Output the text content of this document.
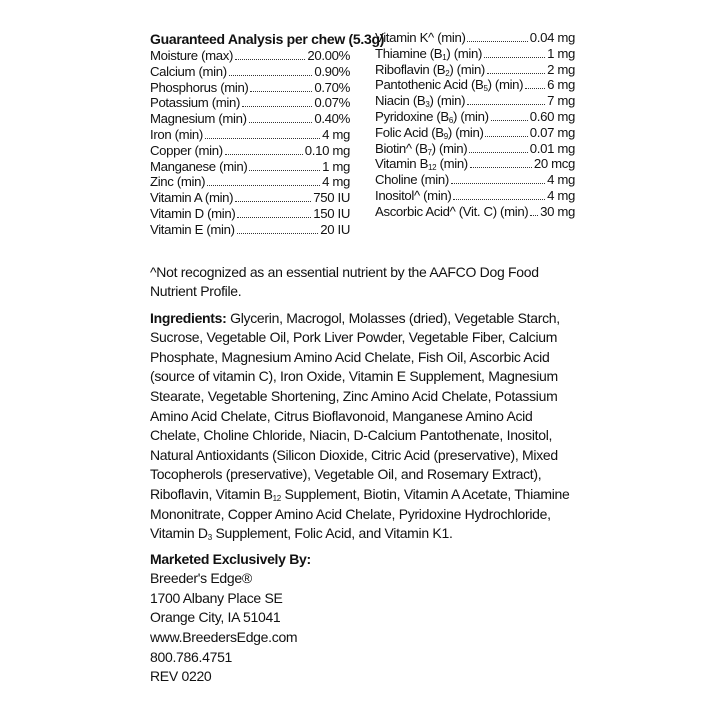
Guaranteed Analysis per chew (5.3g)
Moisture (max)	20.00%
Calcium (min)	0.90%
Phosphorus (min)	0.70%
Potassium (min)	0.07%
Magnesium (min)	0.40%
Iron (min)	4 mg
Copper (min)	0.10 mg
Manganese (min)	1 mg
Zinc (min)	4 mg
Vitamin A (min)	750 IU
Vitamin D (min)	150 IU
Vitamin E (min)	20 IU
Vitamin K^ (min)	0.04 mg
Thiamine $(B_1)$ (min)	1 mg
Riboflavin $(B_2)$ (min)	2 mg
Pantothenic Acid $(B_5)$ (min) 6 mg
Niacin $(B_3)$ (min)	7 mg
Pyridoxine $(B_6)$ (min)	0.60 mg
Folic Acid $(B_9)$ (min)	0.07 mg
Biotin^ $(B_7)$ (min)	0.01 mg
Vitamin $B_{12}$ (min)	20 mcg
Choline (min)	4 mg
Inositol^ (min)	4 mg
Ascorbic Acid^ (Vit. C) (min) 30 mg
^Not recognized as an essential nutrient by the AAFCO Dog Food Nutrient Profile.
Ingredients: Glycerin, Macrogol, Molasses (dried), Vegetable Starch, Sucrose, Vegetable Oil, Pork Liver Powder, Vegetable Fiber, Calcium Phosphate, Magnesium Amino Acid Chelate, Fish Oil, Ascorbic Acid (source of vitamin C), Iron Oxide, Vitamin E Supplement, Magnesium Stearate, Vegetable Shortening, Zinc Amino Acid Chelate, Potassium Amino Acid Chelate, Citrus Bioflavonoid, Manganese Amino Acid Chelate, Choline Chloride, Niacin, D-Calcium Pantothenate, Inositol, Natural Antioxidants (Silicon Dioxide, Citric Acid (preservative), Mixed Tocopherols (preservative), Vegetable Oil, and Rosemary Extract), Riboflavin, Vitamin $B_{12}$ Supplement, Biotin, Vitamin A Acetate, Thiamine Mononitrate, Copper Amino Acid Chelate, Pyridoxine Hydrochloride, Vitamin $D_3$ Supplement, Folic Acid, and Vitamin K1.
Marketed Exclusively By:
Breeder's Edge®
1700 Albany Place SE
Orange City, IA 51041
www.BreedersEdge.com
800.786.4751
REV 0220
